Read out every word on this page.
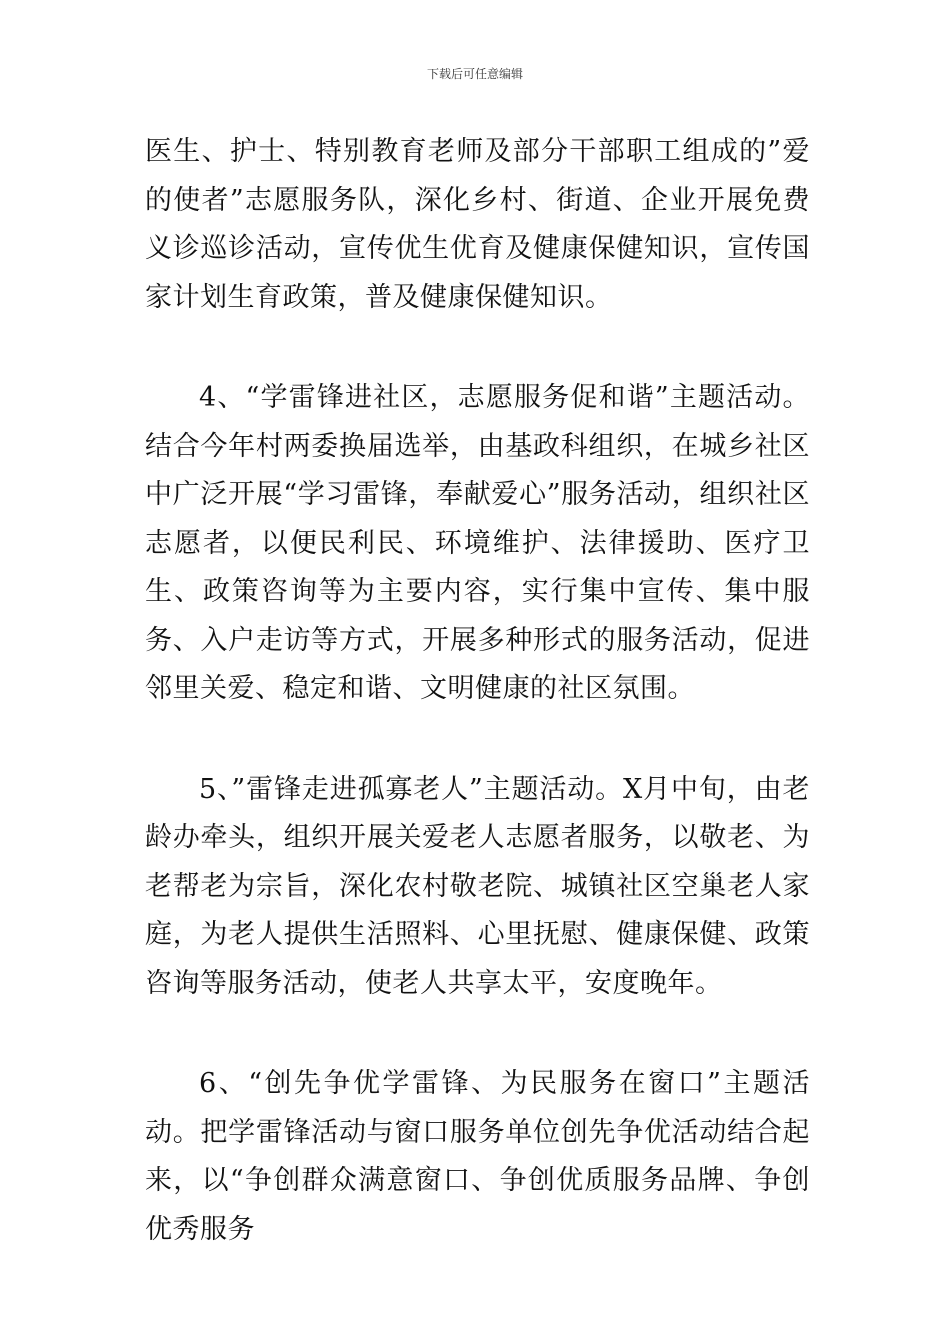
下载后可任意编辑

医生、护士、特别教育老师及部分干部职工组成的”爱的使者”志愿服务队，深化乡村、街道、企业开展免费义诊巡诊活动，宣传优生优育及健康保健知识，宣传国家计划生育政策，普及健康保健知识。

4、“学雷锋进社区，志愿服务促和谐”主题活动。结合今年村两委换届选举，由基政科组织，在城乡社区中广泛开展“学习雷锋，奉献爱心”服务活动，组织社区志愿者，以便民利民、环境维护、法律援助、医疗卫生、政策咨询等为主要内容，实行集中宣传、集中服务、入户走访等方式，开展多种形式的服务活动，促进邻里关爱、稳定和谐、文明健康的社区氛围。

5、”雷锋走进孤寡老人”主题活动。X月中旬，由老龄办牵头，组织开展关爱老人志愿者服务，以敬老、为老帮老为宗旨，深化农村敬老院、城镇社区空巢老人家庭，为老人提供生活照料、心里抚慰、健康保健、政策咨询等服务活动，使老人共享太平，安度晚年。

6、“创先争优学雷锋、为民服务在窗口”主题活动。把学雷锋活动与窗口服务单位创先争优活动结合起来，以“争创群众满意窗口、争创优质服务品牌、争创优秀服务
